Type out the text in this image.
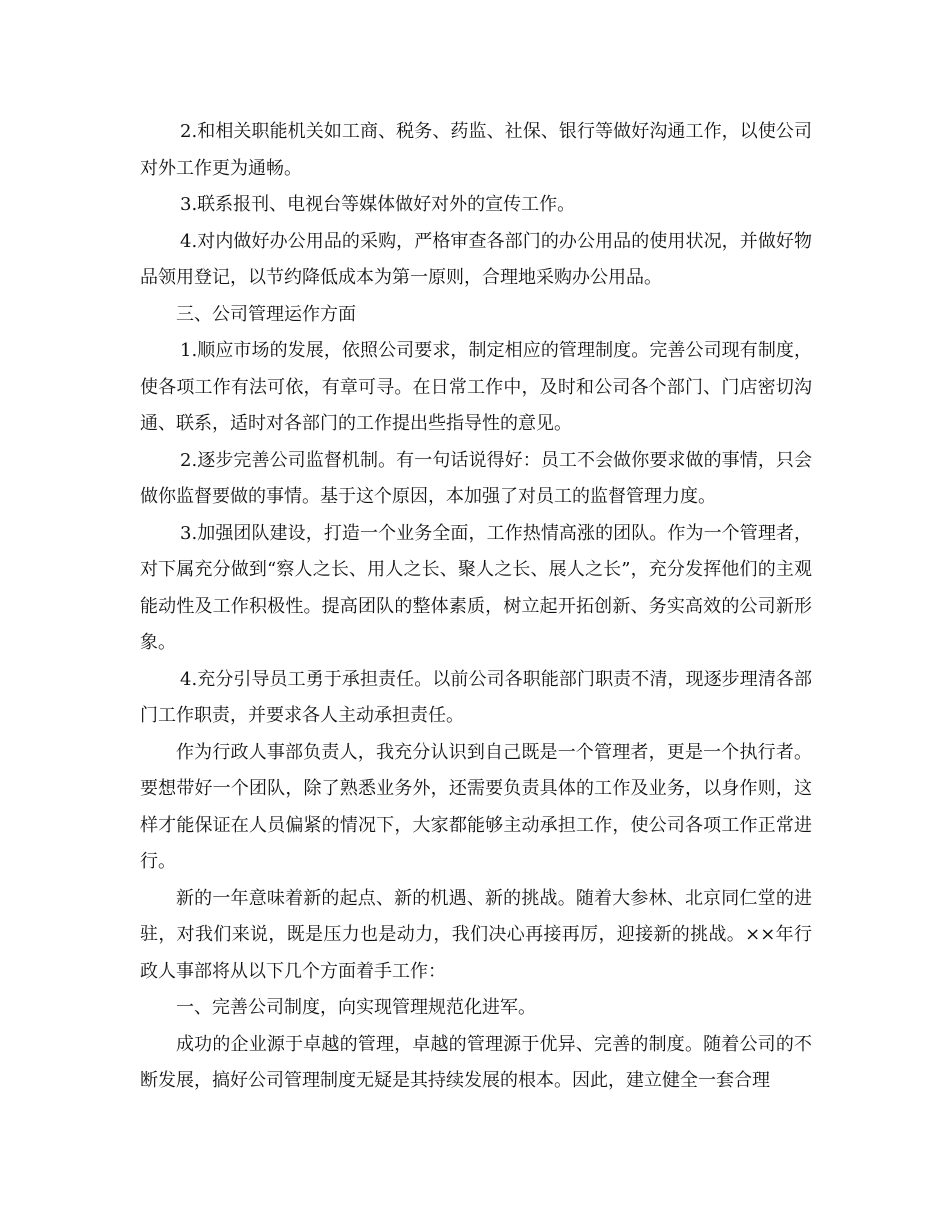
2.和相关职能机关如工商、税务、药监、社保、银行等做好沟通工作，以使公司对外工作更为通畅。

3.联系报刊、电视台等媒体做好对外的宣传工作。

4.对内做好办公用品的采购，严格审查各部门的办公用品的使用状况，并做好物品领用登记，以节约降低成本为第一原则，合理地采购办公用品。

三、公司管理运作方面

1.顺应市场的发展，依照公司要求，制定相应的管理制度。完善公司现有制度，使各项工作有法可依，有章可寻。在日常工作中，及时和公司各个部门、门店密切沟通、联系，适时对各部门的工作提出些指导性的意见。

2.逐步完善公司监督机制。有一句话说得好：员工不会做你要求做的事情，只会做你监督要做的事情。基于这个原因，本加强了对员工的监督管理力度。

3.加强团队建设，打造一个业务全面，工作热情高涨的团队。作为一个管理者，对下属充分做到“察人之长、用人之长、聚人之长、展人之长”，充分发挥他们的主观能动性及工作积极性。提高团队的整体素质，树立起开拓创新、务实高效的公司新形象。

4.充分引导员工勇于承担责任。以前公司各职能部门职责不清，现逐步理清各部门工作职责，并要求各人主动承担责任。

作为行政人事部负责人，我充分认识到自己既是一个管理者，更是一个执行者。要想带好一个团队，除了熟悉业务外，还需要负责具体的工作及业务，以身作则，这样才能保证在人员偏紧的情况下，大家都能够主动承担工作，使公司各项工作正常进行。

新的一年意味着新的起点、新的机遇、新的挑战。随着大参林、北京同仁堂的进驻，对我们来说，既是压力也是动力，我们决心再接再厉，迎接新的挑战。××年行政人事部将从以下几个方面着手工作：

一、完善公司制度，向实现管理规范化进军。

成功的企业源于卓越的管理，卓越的管理源于优异、完善的制度。随着公司的不断发展，搞好公司管理制度无疑是其持续发展的根本。因此，建立健全一套合理
